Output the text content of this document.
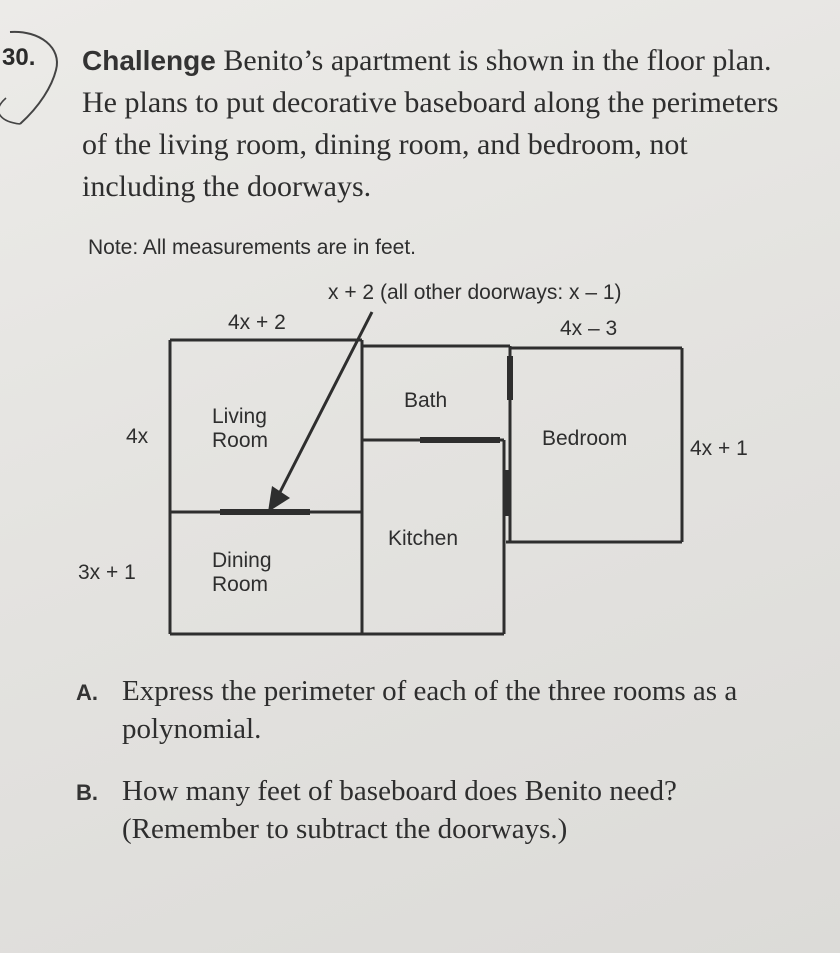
30. Challenge Benito’s apartment is shown in the floor plan. He plans to put decorative baseboard along the perimeters of the living room, dining room, and bedroom, not including the doorways.
Note: All measurements are in feet.
x + 2 (all other doorways: x – 1)
4x + 2	4x – 3
4x
3x + 1
4x + 1
Living
Room
Bath
Bedroom
Kitchen
Dining
Room
A. Express the perimeter of each of the three rooms as a polynomial.
B. How many feet of baseboard does Benito need? (Remember to subtract the doorways.)
